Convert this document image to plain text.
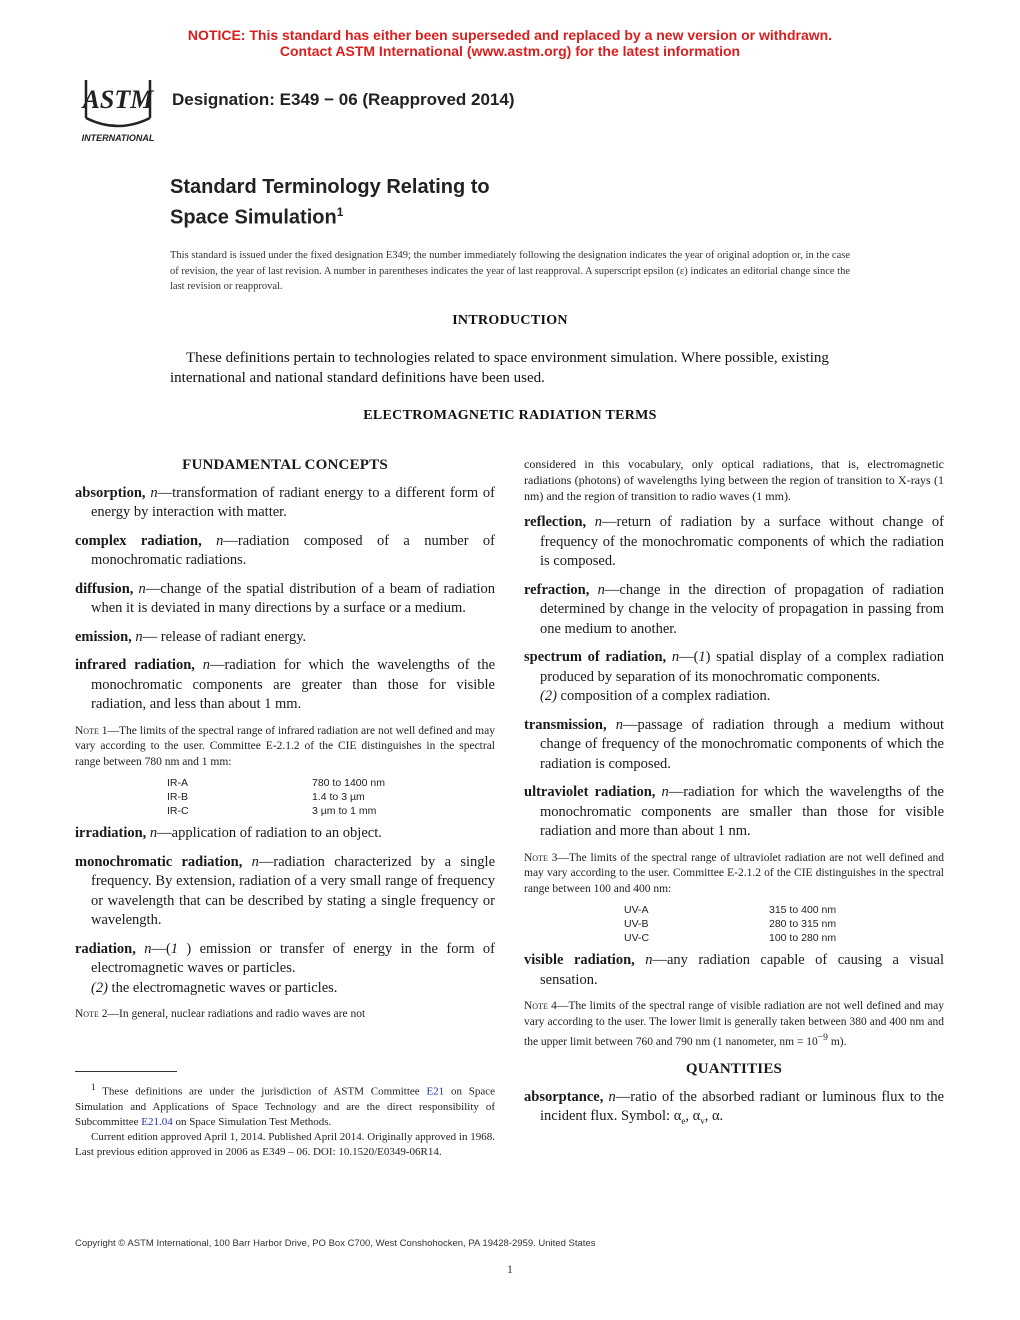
NOTICE: This standard has either been superseded and replaced by a new version or withdrawn.
Contact ASTM International (www.astm.org) for the latest information
ASTM
INTERNATIONAL
Designation: E349 − 06 (Reapproved 2014)
Standard Terminology Relating to
Space Simulation$^1$
This standard is issued under the fixed designation E349; the number immediately following the designation indicates the year of original adoption or, in the case of revision, the year of last revision. A number in parentheses indicates the year of last reapproval. A superscript epsilon (ε) indicates an editorial change since the last revision or reapproval.
INTRODUCTION

These definitions pertain to technologies related to space environment simulation. Where possible, existing international and national standard definitions have been used.

ELECTROMAGNETIC RADIATION TERMS
FUNDAMENTAL CONCEPTS
absorption, n—transformation of radiant energy to a different form of energy by interaction with matter.
complex radiation, n—radiation composed of a number of monochromatic radiations.
diffusion, n—change of the spatial distribution of a beam of radiation when it is deviated in many directions by a surface or a medium.
emission, n— release of radiant energy.
infrared radiation, n—radiation for which the wavelengths of the monochromatic components are greater than those for visible radiation, and less than about 1 mm.
Note 1—The limits of the spectral range of infrared radiation are not well defined and may vary according to the user. Committee E-2.1.2 of the CIE distinguishes in the spectral range between 780 nm and 1 mm:
IR-A	780 to 1400 nm
IR-B	1.4 to 3 µm
IR-C	3 µm to 1 mm
irradiation, n—application of radiation to an object.
monochromatic radiation, n—radiation characterized by a single frequency. By extension, radiation of a very small range of frequency or wavelength that can be described by stating a single frequency or wavelength.
radiation, n—(1 ) emission or transfer of energy in the form of electromagnetic waves or particles.
(2) the electromagnetic waves or particles.
Note 2—In general, nuclear radiations and radio waves are not

$^1$ These definitions are under the jurisdiction of ASTM Committee E21 on Space Simulation and Applications of Space Technology and are the direct responsibility of Subcommittee E21.04 on Space Simulation Test Methods.

Current edition approved April 1, 2014. Published April 2014. Originally approved in 1968. Last previous edition approved in 2006 as E349 – 06. DOI: 10.1520/E0349-06R14.

considered in this vocabulary, only optical radiations, that is, electromagnetic radiations (photons) of wavelengths lying between the region of transition to X-rays (1 nm) and the region of transition to radio waves (1 mm).
reflection, n—return of radiation by a surface without change of frequency of the monochromatic components of which the radiation is composed.
refraction, n—change in the direction of propagation of radiation determined by change in the velocity of propagation in passing from one medium to another.
spectrum of radiation, n—(1) spatial display of a complex radiation produced by separation of its monochromatic components.
(2) composition of a complex radiation.
transmission, n—passage of radiation through a medium without change of frequency of the monochromatic components of which the radiation is composed.
ultraviolet radiation, n—radiation for which the wavelengths of the monochromatic components are smaller than those for visible radiation and more than about 1 nm.
Note 3—The limits of the spectral range of ultraviolet radiation are not well defined and may vary according to the user. Committee E-2.1.2 of the CIE distinguishes in the spectral range between 100 and 400 nm:
UV-A	315 to 400 nm
UV-B	280 to 315 nm
UV-C	100 to 280 nm
visible radiation, n—any radiation capable of causing a visual sensation.
Note 4—The limits of the spectral range of visible radiation are not well defined and may vary according to the user. The lower limit is generally taken between 380 and 400 nm and the upper limit between 760 and 790 nm (1 nanometer, nm = $10^{-9}$ m).
QUANTITIES
absorptance, n—ratio of the absorbed radiant or luminous flux to the incident flux. Symbol: $\alpha_e$, $\alpha_v$, α.
Copyright © ASTM International, 100 Barr Harbor Drive, PO Box C700, West Conshohocken, PA 19428-2959. United States
1
